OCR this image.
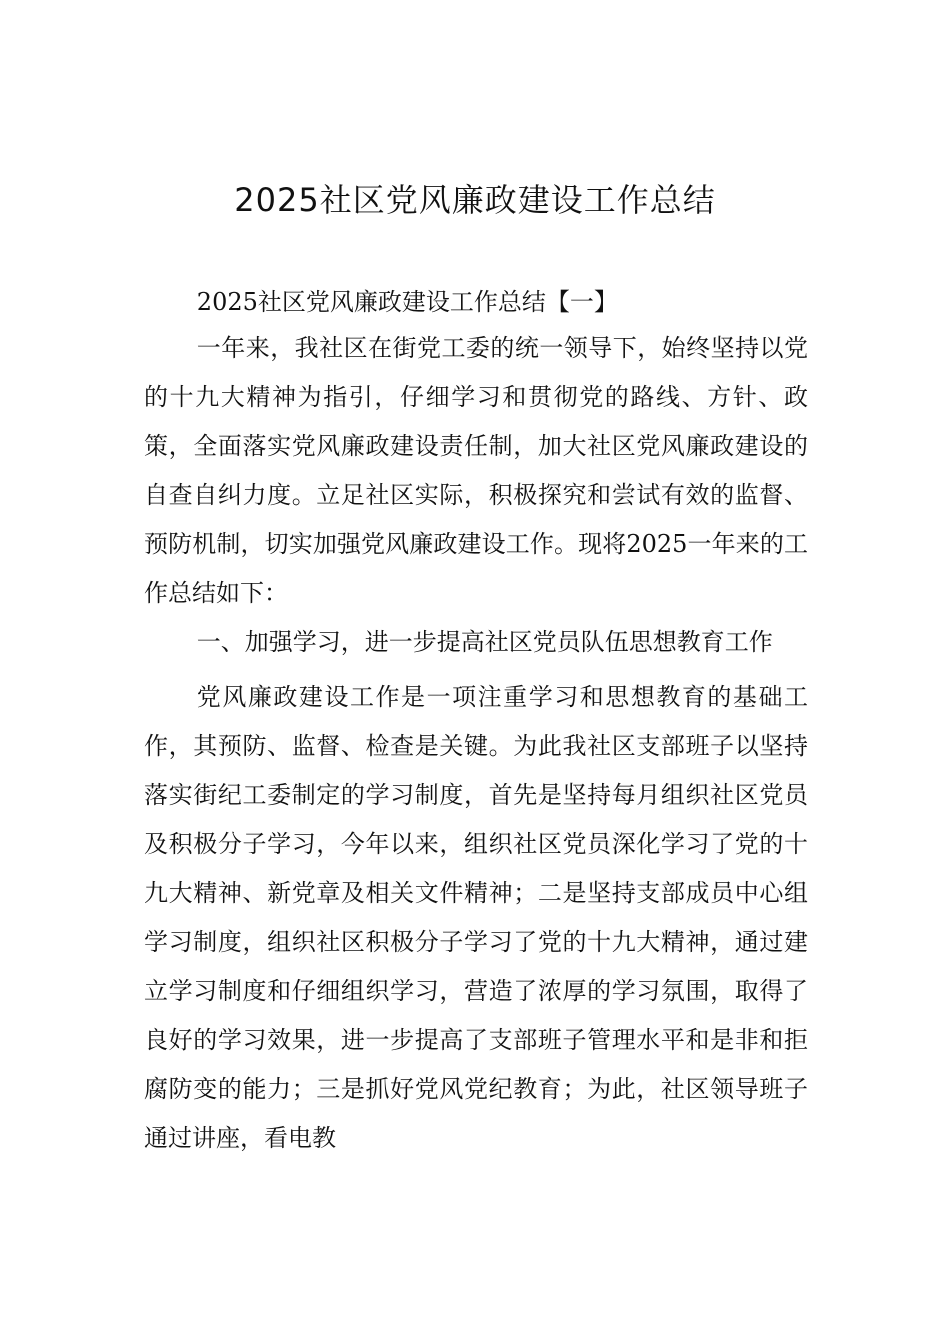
2025社区党风廉政建设工作总结

2025社区党风廉政建设工作总结【一】

一年来，我社区在街党工委的统一领导下，始终坚持以党的十九大精神为指引，仔细学习和贯彻党的路线、方针、政策，全面落实党风廉政建设责任制，加大社区党风廉政建设的自查自纠力度。立足社区实际，积极探究和尝试有效的监督、预防机制，切实加强党风廉政建设工作。现将2025一年来的工作总结如下：

一、加强学习，进一步提高社区党员队伍思想教育工作

党风廉政建设工作是一项注重学习和思想教育的基础工作，其预防、监督、检查是关键。为此我社区支部班子以坚持落实街纪工委制定的学习制度，首先是坚持每月组织社区党员及积极分子学习，今年以来，组织社区党员深化学习了党的十九大精神、新党章及相关文件精神；二是坚持支部成员中心组学习制度，组织社区积极分子学习了党的十九大精神，通过建立学习制度和仔细组织学习，营造了浓厚的学习氛围，取得了良好的学习效果，进一步提高了支部班子管理水平和是非和拒腐防变的能力；三是抓好党风党纪教育；为此，社区领导班子通过讲座，看电教
